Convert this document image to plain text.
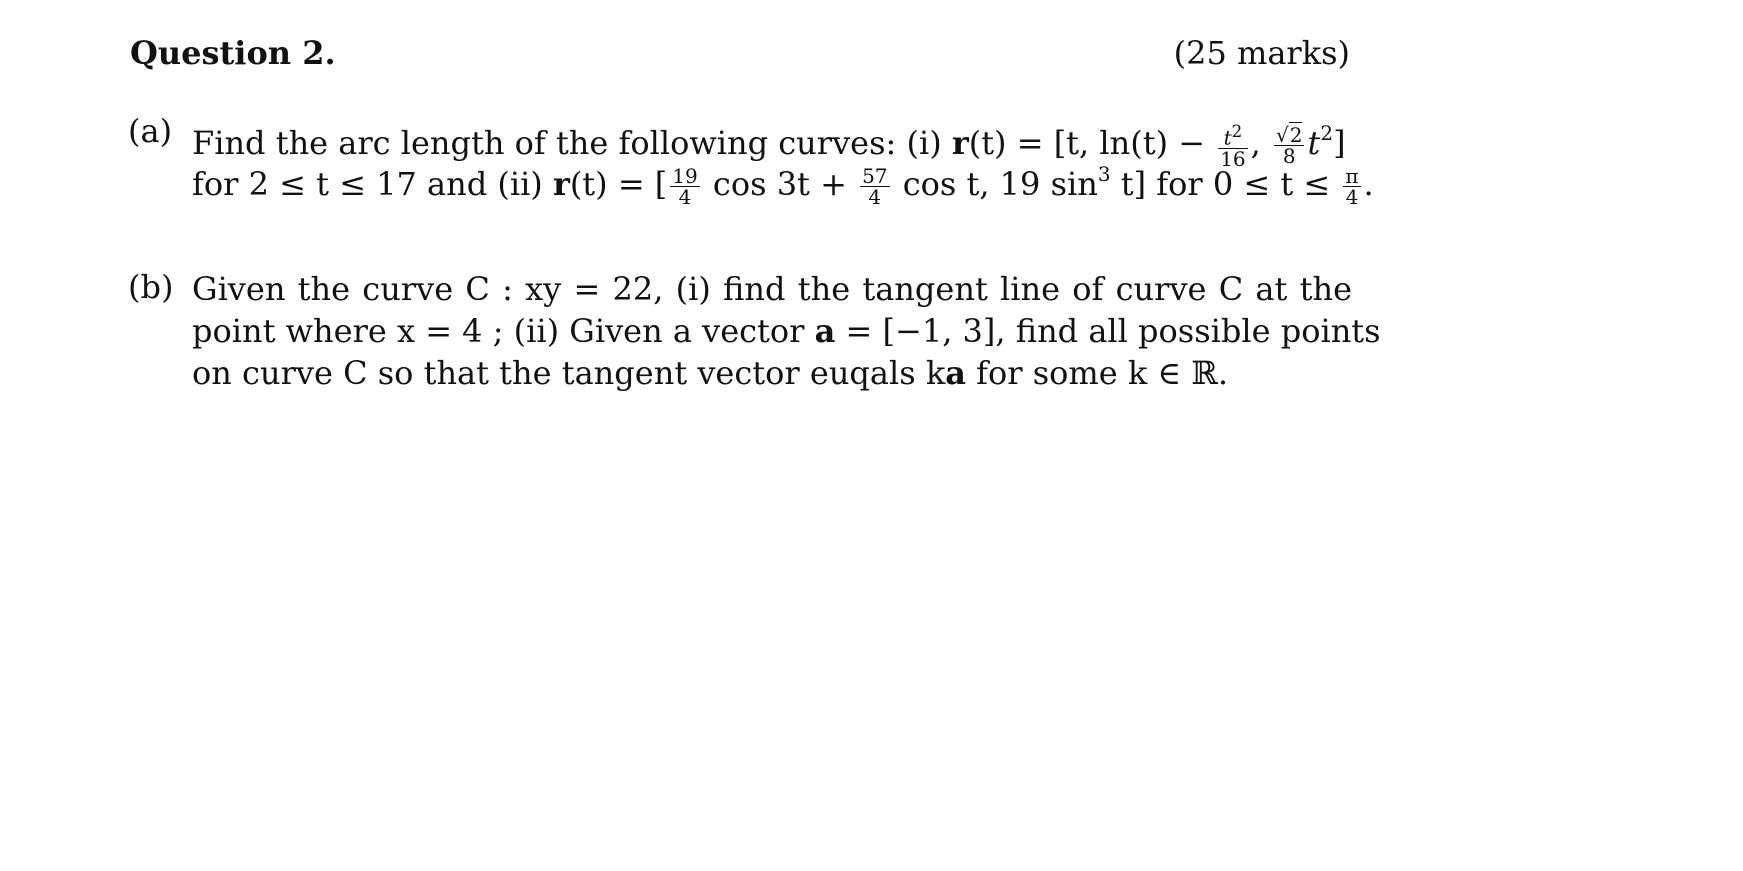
Question 2.	(25 marks)
(a) Find the arc length of the following curves: (i) r(t) = [t, $\ln(t) - \frac{t^2}{16}$ , $\frac{√2}{8} t^2$]
for 2 ≤ t ≤ 17 and (ii) r(t) = [ $\frac{19}{4}$ $\cos 3t + \frac{57}{4}$ cos t, 19 $\sin^3 t$] for $0 \le t \le \frac{\pi}{4}$ .
(b) Given the curve C : xy = 22, (i) find the tangent line of curve C at the
point where x = 4 ; (ii) Given a vector a = [−1, 3], find all possible points
on curve C so that the tangent vector euqals ka for some k ∈ ℝ.
